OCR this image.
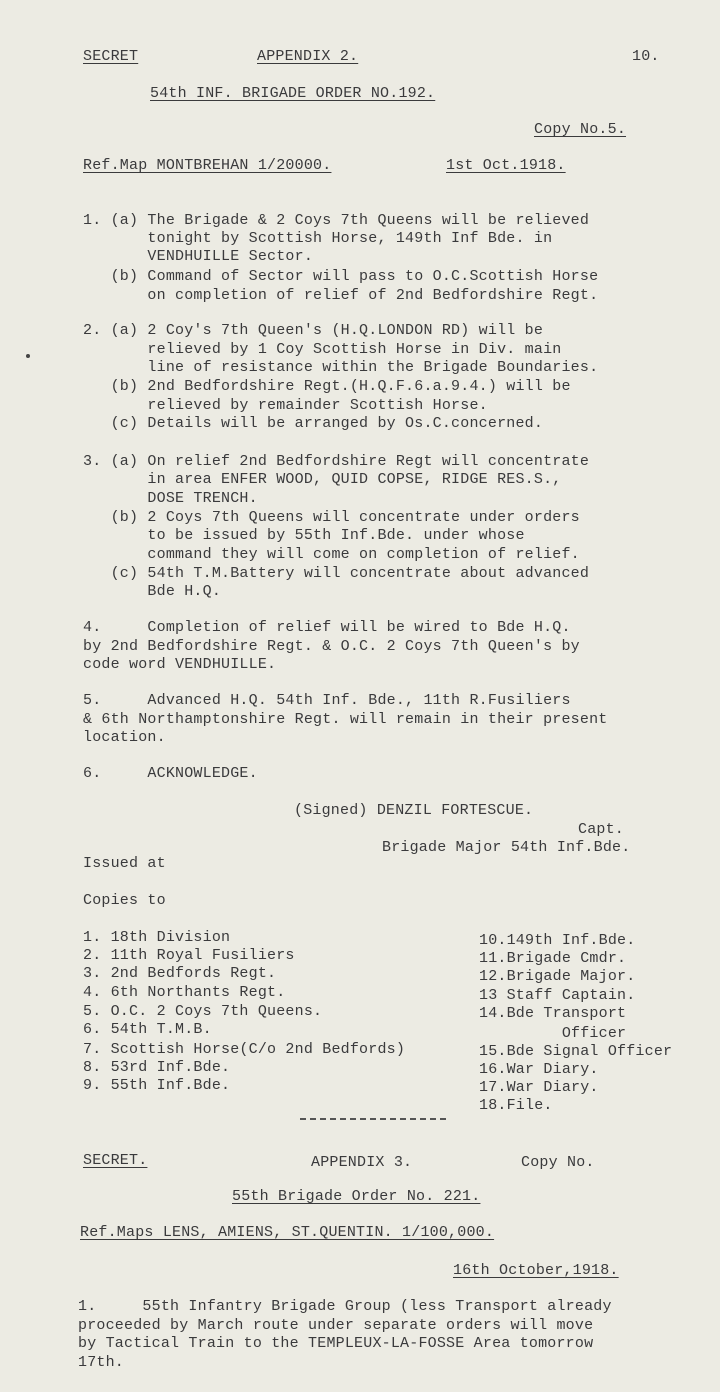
SECRET	APPENDIX 2.	10.
54th INF. BRIGADE ORDER NO.192.
Copy No.5.
Ref.Map MONTBREHAN 1/20000.	1st Oct.1918.
1. (a) The Brigade & 2 Coys 7th Queens will be relieved
tonight by Scottish Horse, 149th Inf Bde. in
VENDHUILLE Sector.
(b) Command of Sector will pass to O.C.Scottish Horse
on completion of relief of 2nd Bedfordshire Regt.
2. (a) 2 Coy's 7th Queen's (H.Q.LONDON RD) will be
relieved by 1 Coy Scottish Horse in Div. main
line of resistance within the Brigade Boundaries.
(b) 2nd Bedfordshire Regt.(H.Q.F.6.a.9.4.) will be
relieved by remainder Scottish Horse.
(c) Details will be arranged by Os.C.concerned.
3. (a) On relief 2nd Bedfordshire Regt will concentrate
in area ENFER WOOD, QUID COPSE, RIDGE RES.S.,
DOSE TRENCH.
(b) 2 Coys 7th Queens will concentrate under orders
to be issued by 55th Inf.Bde. under whose
command they will come on completion of relief.
(c) 54th T.M.Battery will concentrate about advanced
Bde H.Q.
4.     Completion of relief will be wired to Bde H.Q.
by 2nd Bedfordshire Regt. & O.C. 2 Coys 7th Queen's by
code word VENDHUILLE.
5.     Advanced H.Q. 54th Inf. Bde., 11th R.Fusiliers
& 6th Northamptonshire Regt. will remain in their present
location.
6.     ACKNOWLEDGE.
(Signed) DENZIL FORTESCUE.
Capt.
Brigade Major 54th Inf.Bde.
Issued at
Copies to
1. 18th Division
2. 11th Royal Fusiliers
3. 2nd Bedfords Regt.
4. 6th Northants Regt.
5. O.C. 2 Coys 7th Queens.
6. 54th T.M.B.
7. Scottish Horse(C/o 2nd Bedfords)
8. 53rd Inf.Bde.
9. 55th Inf.Bde.
10.149th Inf.Bde.
11.Brigade Cmdr.
12.Brigade Major.
13 Staff Captain.
14.Bde Transport
Officer
15.Bde Signal Officer
16.War Diary.
17.War Diary.
18.File.
SECRET.	APPENDIX 3.	Copy No.
55th Brigade Order No. 221.
Ref.Maps LENS, AMIENS, ST.QUENTIN. 1/100,000.
16th October,1918.
1.     55th Infantry Brigade Group (less Transport already
proceeded by March route under separate orders will move
by Tactical Train to the TEMPLEUX-LA-FOSSE Area tomorrow
17th.
